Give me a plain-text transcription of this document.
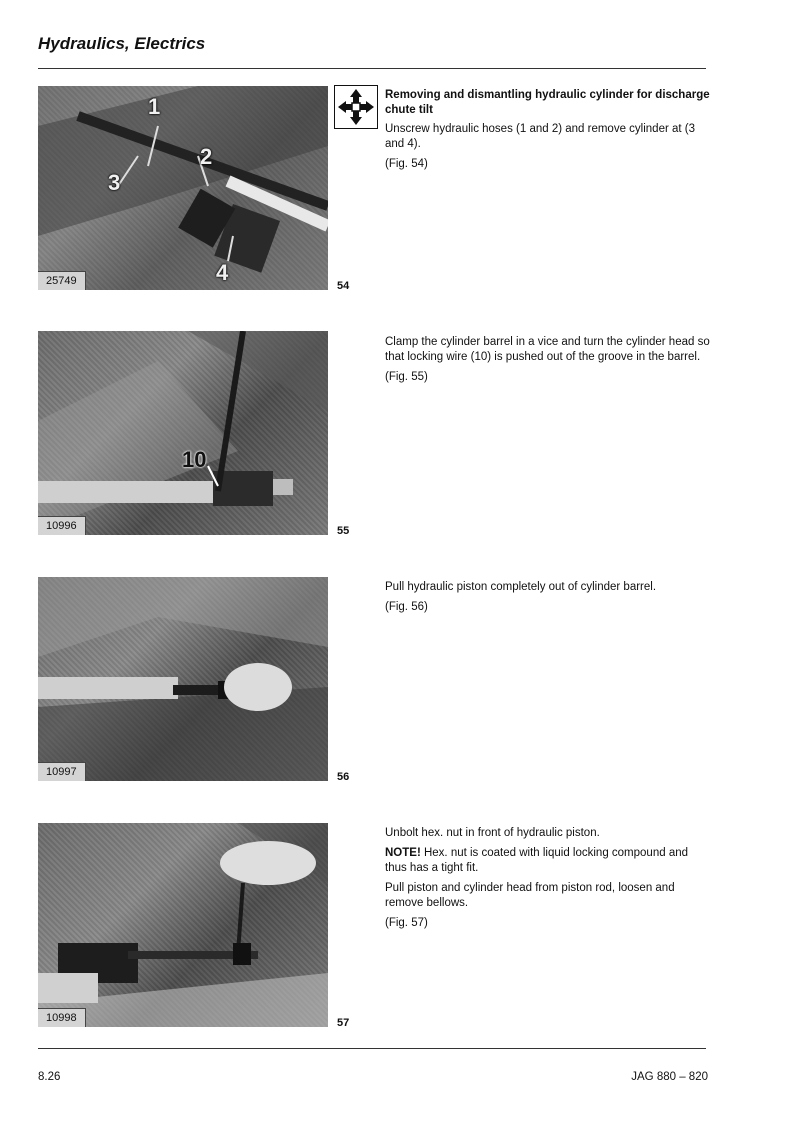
Hydraulics, Electrics
1
2
3
4
25749	54

Removing and dismantling hydraulic cylinder for discharge chute tilt

Unscrew hydraulic hoses (1 and 2) and remove cylinder at (3 and 4).

(Fig. 54)

10
10996	55

Clamp the cylinder barrel in a vice and turn the cylinder head so that locking wire (10) is pushed out of the groove in the barrel.

(Fig. 55)

10997	56

Pull hydraulic piston completely out of cylinder barrel.

(Fig. 56)

10998	57

Unbolt hex. nut in front of hydraulic piston.

NOTE! Hex. nut is coated with liquid locking compound and thus has a tight fit.

Pull piston and cylinder head from piston rod, loosen and remove bellows.

(Fig. 57)

8.26	JAG 880 – 820
